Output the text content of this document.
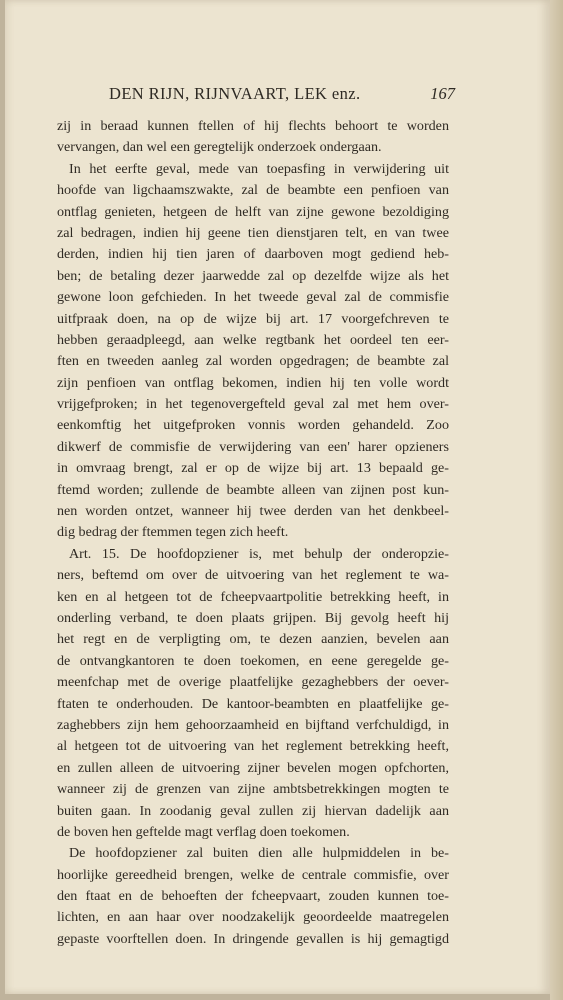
DEN RIJN, RIJNVAART, LEK enz.	167
zij in beraad kunnen ftellen of hij flechts behoort te worden
vervangen, dan wel een geregtelijk onderzoek ondergaan.
In het eerfte geval, mede van toepasfing in verwijdering uit
hoofde van ligchaamszwakte, zal de beambte een penfioen van
ontflag genieten, hetgeen de helft van zijne gewone bezoldiging
zal bedragen, indien hij geene tien dienstjaren telt, en van twee
derden, indien hij tien jaren of daarboven mogt gediend heb-
ben; de betaling dezer jaarwedde zal op dezelfde wijze als het
gewone loon gefchieden. In het tweede geval zal de commisfie
uitfpraak doen, na op de wijze bij art. 17 voorgefchreven te
hebben geraadpleegd, aan welke regtbank het oordeel ten eer-
ften en tweeden aanleg zal worden opgedragen; de beambte zal
zijn penfioen van ontflag bekomen, indien hij ten volle wordt
vrijgefproken; in het tegenovergefteld geval zal met hem over-
eenkomftig het uitgefproken vonnis worden gehandeld. Zoo
dikwerf de commisfie de verwijdering van een' harer opzieners
in omvraag brengt, zal er op de wijze bij art. 13 bepaald ge-
ftemd worden; zullende de beambte alleen van zijnen post kun-
nen worden ontzet, wanneer hij twee derden van het denkbeel-
dig bedrag der ftemmen tegen zich heeft.
Art. 15. De hoofdopziener is, met behulp der onderopzie-
ners, beftemd om over de uitvoering van het reglement te wa-
ken en al hetgeen tot de fcheepvaartpolitie betrekking heeft, in
onderling verband, te doen plaats grijpen. Bij gevolg heeft hij
het regt en de verpligting om, te dezen aanzien, bevelen aan
de ontvangkantoren te doen toekomen, en eene geregelde ge-
meenfchap met de overige plaatfelijke gezaghebbers der oever-
ftaten te onderhouden. De kantoor-beambten en plaatfelijke ge-
zaghebbers zijn hem gehoorzaamheid en bijftand verfchuldigd, in
al hetgeen tot de uitvoering van het reglement betrekking heeft,
en zullen alleen de uitvoering zijner bevelen mogen opfchorten,
wanneer zij de grenzen van zijne ambtsbetrekkingen mogten te
buiten gaan. In zoodanig geval zullen zij hiervan dadelijk aan
de boven hen geftelde magt verflag doen toekomen.
De hoofdopziener zal buiten dien alle hulpmiddelen in be-
hoorlijke gereedheid brengen, welke de centrale commisfie, over
den ftaat en de behoeften der fcheepvaart, zouden kunnen toe-
lichten, en aan haar over noodzakelijk geoordeelde maatregelen
gepaste voorftellen doen. In dringende gevallen is hij gemagtigd
